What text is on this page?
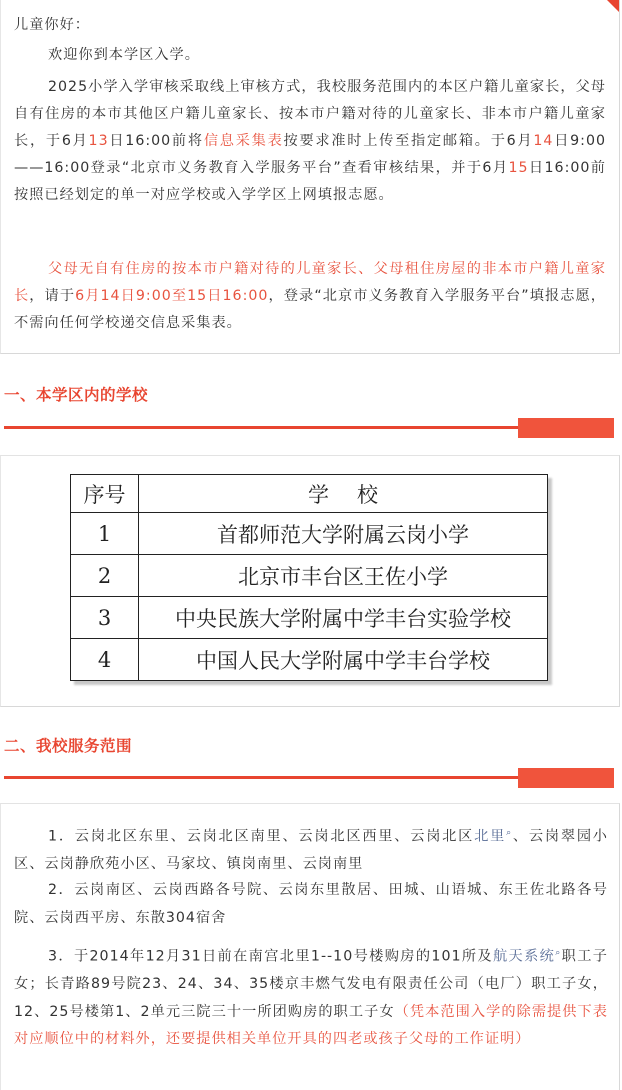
儿童你好：
欢迎你到本学区入学。
2025小学入学审核采取线上审核方式，我校服务范围内的本区户籍儿童家长，父母自有住房的本市其他区户籍儿童家长、按本市户籍对待的儿童家长、非本市户籍儿童家长，于6月13日16:00前将信息采集表按要求准时上传至指定邮箱。于6月14日9:00——16:00登录“北京市义务教育入学服务平台”查看审核结果，并于6月15日16:00前按照已经划定的单一对应学校或入学学区上网填报志愿。
父母无自有住房的按本市户籍对待的儿童家长、父母租住房屋的非本市户籍儿童家长，请于6月14日9:00至15日16:00，登录“北京市义务教育入学服务平台”填报志愿，不需向任何学校递交信息采集表。
一、本学区内的学校
序号	学校
1	首都师范大学附属云岗小学
2	北京市丰台区王佐小学
3	中央民族大学附属中学丰台实验学校
4	中国人民大学附属中学丰台学校
二、我校服务范围
1．云岗北区东里、云岗北区南里、云岗北区西里、云岗北区北里⌕、云岗翠园小区、云岗静欣苑小区、马家坟、镇岗南里、云岗南里
2．云岗南区、云岗西路各号院、云岗东里散居、田城、山语城、东王佐北路各号院、云岗西平房、东散304宿舍
3．于2014年12月31日前在南宫北里1--10号楼购房的101所及航天系统⌕职工子女；长青路89号院23、24、34、35楼京丰燃气发电有限责任公司（电厂）职工子女，12、25号楼第1、2单元三院三十一所团购房的职工子女（凭本范围入学的除需提供下表对应顺位中的材料外，还要提供相关单位开具的四老或孩子父母的工作证明）
